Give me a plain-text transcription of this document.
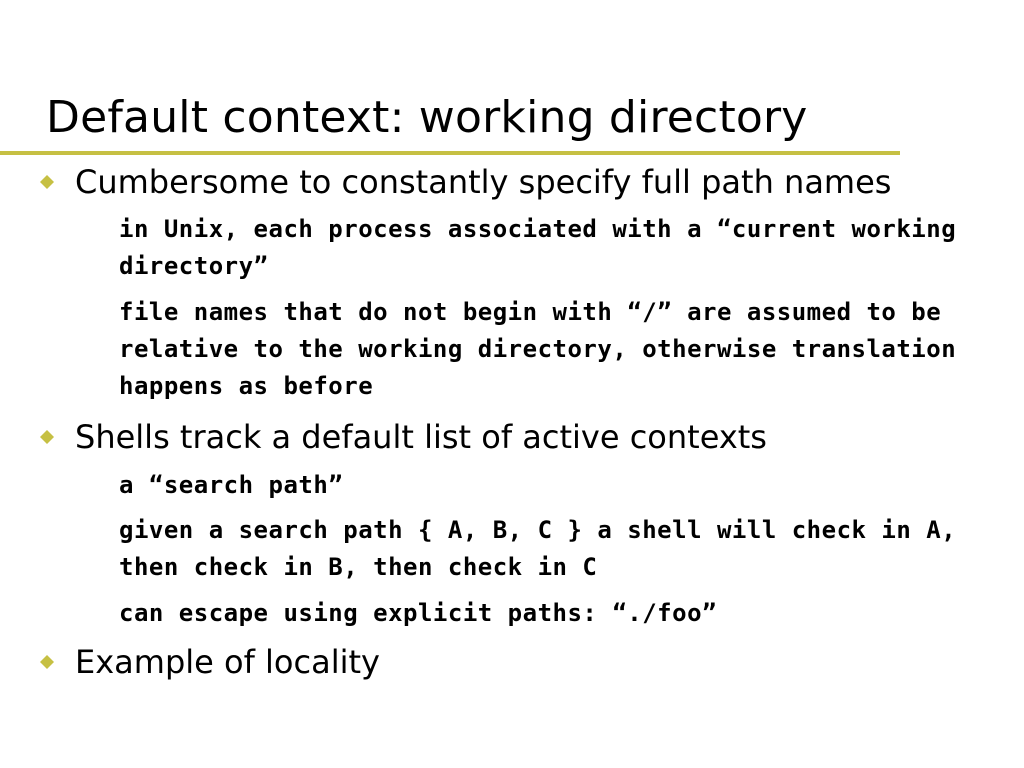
Default context: working directory
Cumbersome to constantly specify full path names
in Unix, each process associated with a “current working directory”
file names that do not begin with “/” are assumed to be relative to the working directory, otherwise translation happens as before
Shells track a default list of active contexts
a “search path”
given a search path { A, B, C } a shell will check in A, then check in B, then check in C
can escape using explicit paths: “./foo”
Example of locality
